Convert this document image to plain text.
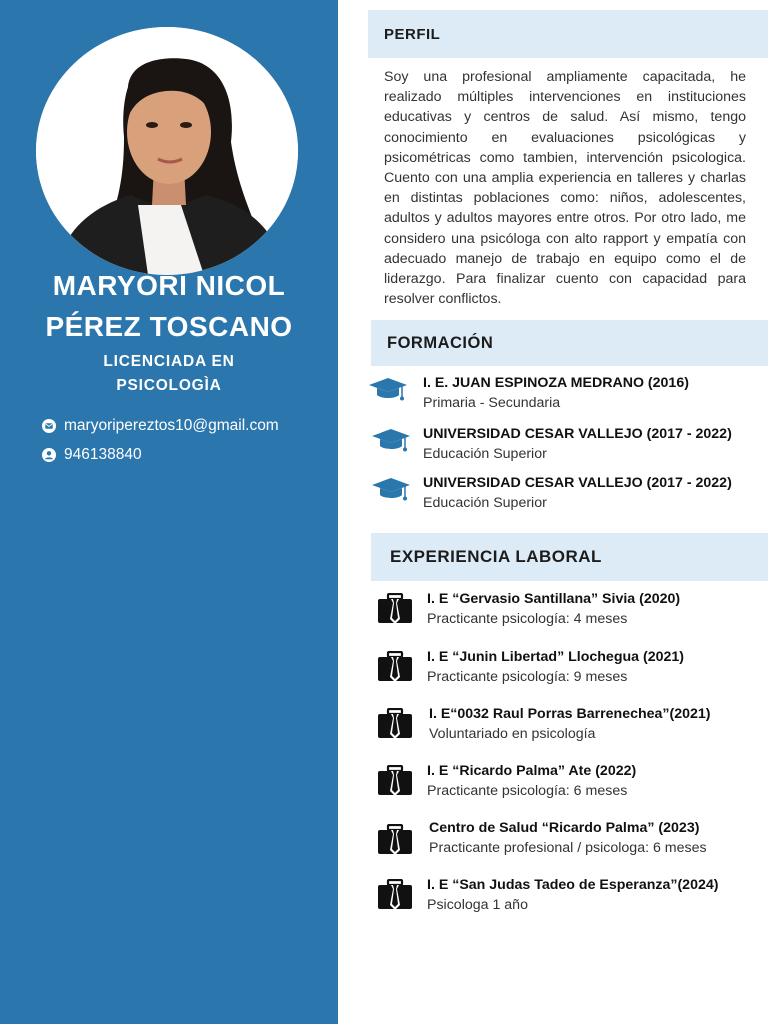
MARYORI NICOL
PÉREZ TOSCANO
LICENCIADA EN
PSICOLOGÌA
maryoripereztos10@gmail.com
946138840
PERFIL
Soy una profesional ampliamente capacitada, he realizado múltiples intervenciones en instituciones educativas y centros de salud. Así mismo, tengo conocimiento en evaluaciones psicológicas y psicométricas como tambien, intervención psicologica. Cuento con una amplia experiencia en talleres y charlas en distintas poblaciones como: niños, adolescentes, adultos y adultos mayores entre otros. Por otro lado, me considero una psicóloga con alto rapport y empatía con adecuado manejo de trabajo en equipo como el de liderazgo. Para finalizar cuento con capacidad para resolver conflictos.
FORMACIÓN
I. E. JUAN ESPINOZA MEDRANO (2016)
Primaria - Secundaria
UNIVERSIDAD CESAR VALLEJO (2017 - 2022)
Educación Superior
UNIVERSIDAD CESAR VALLEJO (2017 - 2022)
Educación Superior
EXPERIENCIA LABORAL
I. E “Gervasio Santillana” Sivia (2020)
Practicante psicología: 4 meses
I. E “Junin Libertad” Llochegua (2021)
Practicante psicología: 9 meses
I. E“0032 Raul Porras Barrenechea”(2021)
Voluntariado en psicología
I. E “Ricardo Palma” Ate (2022)
Practicante psicología: 6 meses
Centro de Salud “Ricardo Palma” (2023)
Practicante profesional / psicologa: 6 meses
I. E “San Judas Tadeo de Esperanza”(2024)
Psicologa 1 año
